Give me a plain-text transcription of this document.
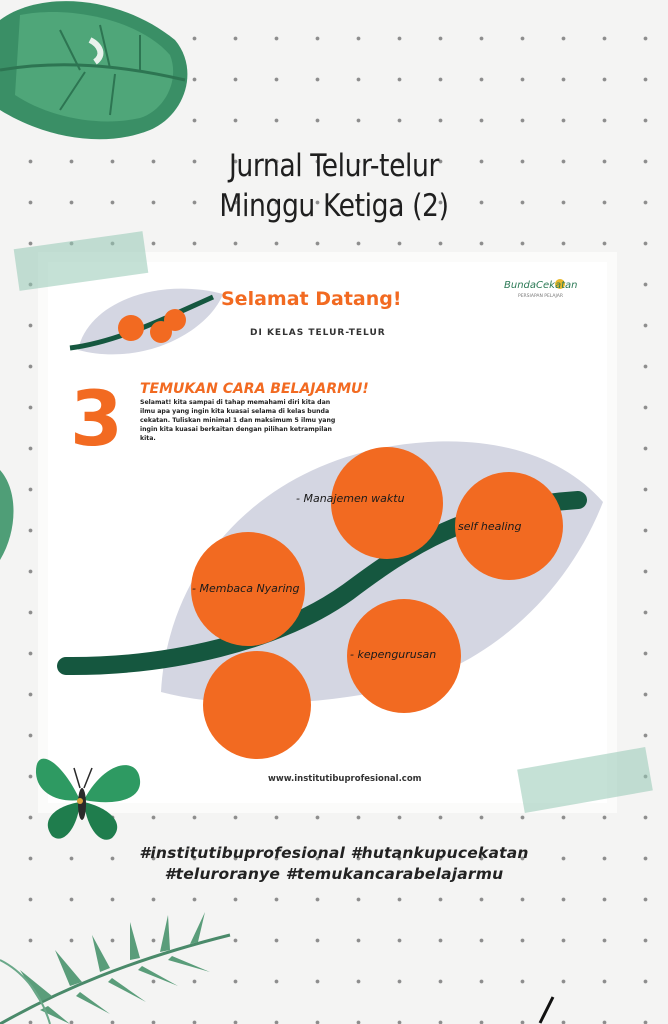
Jurnal Telur-telur
Minggu Ketiga (2)
Selamat Datang!
DI KELAS TELUR-TELUR
BundaCekatan
PERSIAPAN PELAJAR
3 TEMUKAN CARA BELAJARMU!
Selamat! kita sampai di tahap memahami diri kita dan
ilmu apa yang ingin kita kuasai selama di kelas bunda
cekatan. Tuliskan minimal 1 dan maksimum 5 ilmu yang
ingin kita kuasai berkaitan dengan pilihan ketrampilan
kita.
- Manajemen waktu
self healing
- Membaca Nyaring
- kepengurusan
www.institutibuprofesional.com
#institutibuprofesional #hutankupucekatan
#teluroranye #temukancarabelajarmu
